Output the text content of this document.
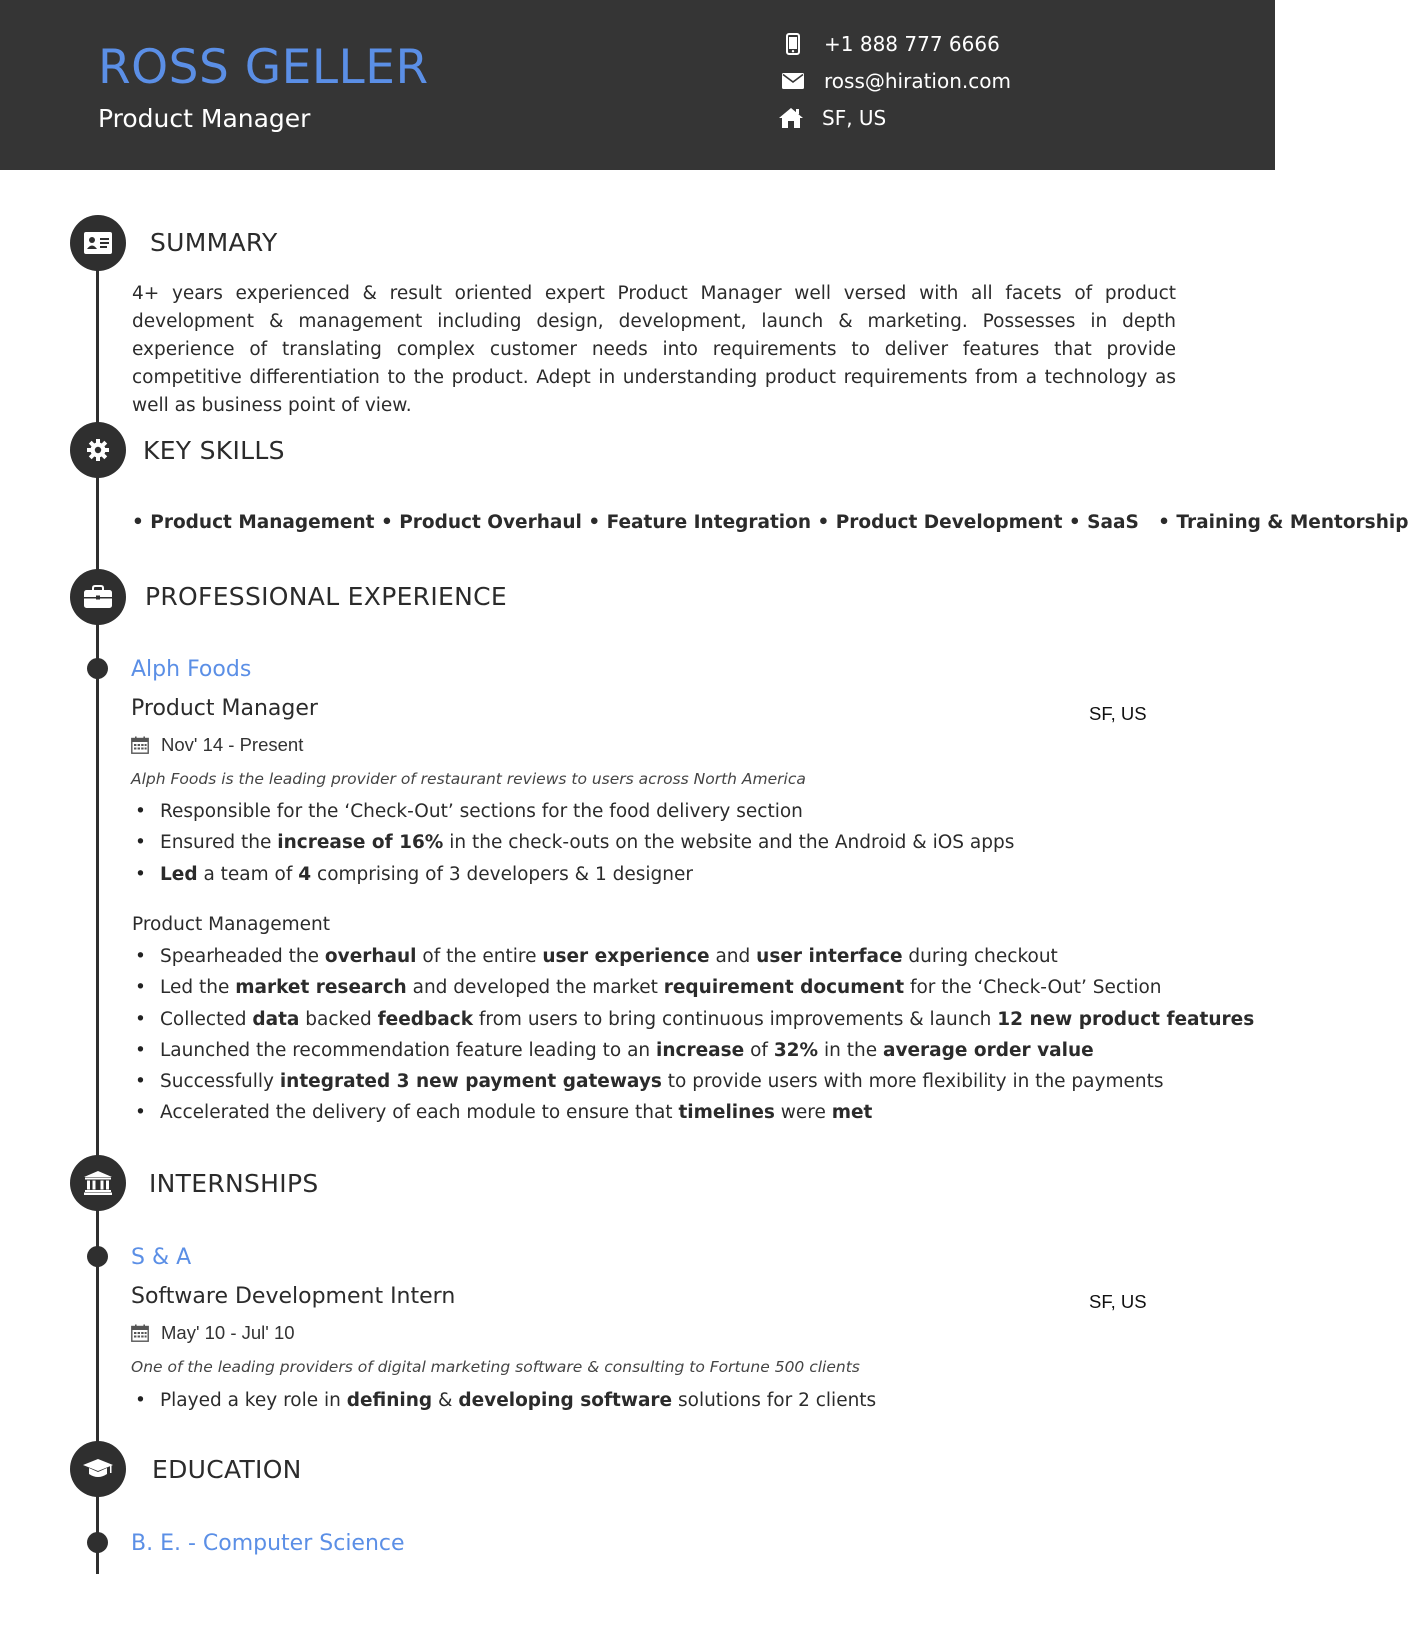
ROSS GELLER
Product Manager
+1 888 777 6666
ross@hiration.com
SF, US
SUMMARY
4+ years experienced & result oriented expert Product Manager well versed with all facets of product development & management including design, development, launch & marketing. Possesses in depth experience of translating complex customer needs into requirements to deliver features that provide competitive differentiation to the product. Adept in understanding product requirements from a technology as well as business point of view.
KEY SKILLS
• Product Management • Product Overhaul • Feature Integration • Product Development • SaaS   • Training & Mentorship
PROFESSIONAL EXPERIENCE
Alph Foods
Product Manager	SF, US
Nov' 14 - Present
Alph Foods is the leading provider of restaurant reviews to users across North America
• Responsible for the ‘Check-Out’ sections for the food delivery section
• Ensured the increase of 16% in the check-outs on the website and the Android & iOS apps
• Led a team of 4 comprising of 3 developers & 1 designer
Product Management
• Spearheaded the overhaul of the entire user experience and user interface during checkout
• Led the market research and developed the market requirement document for the ‘Check-Out’ Section
• Collected data backed feedback from users to bring continuous improvements & launch 12 new product features
• Launched the recommendation feature leading to an increase of 32% in the average order value
• Successfully integrated 3 new payment gateways to provide users with more flexibility in the payments
• Accelerated the delivery of each module to ensure that timelines were met
INTERNSHIPS
S & A
Software Development Intern	SF, US
May' 10 - Jul' 10
One of the leading providers of digital marketing software & consulting to Fortune 500 clients
• Played a key role in defining & developing software solutions for 2 clients
EDUCATION
B. E. - Computer Science
